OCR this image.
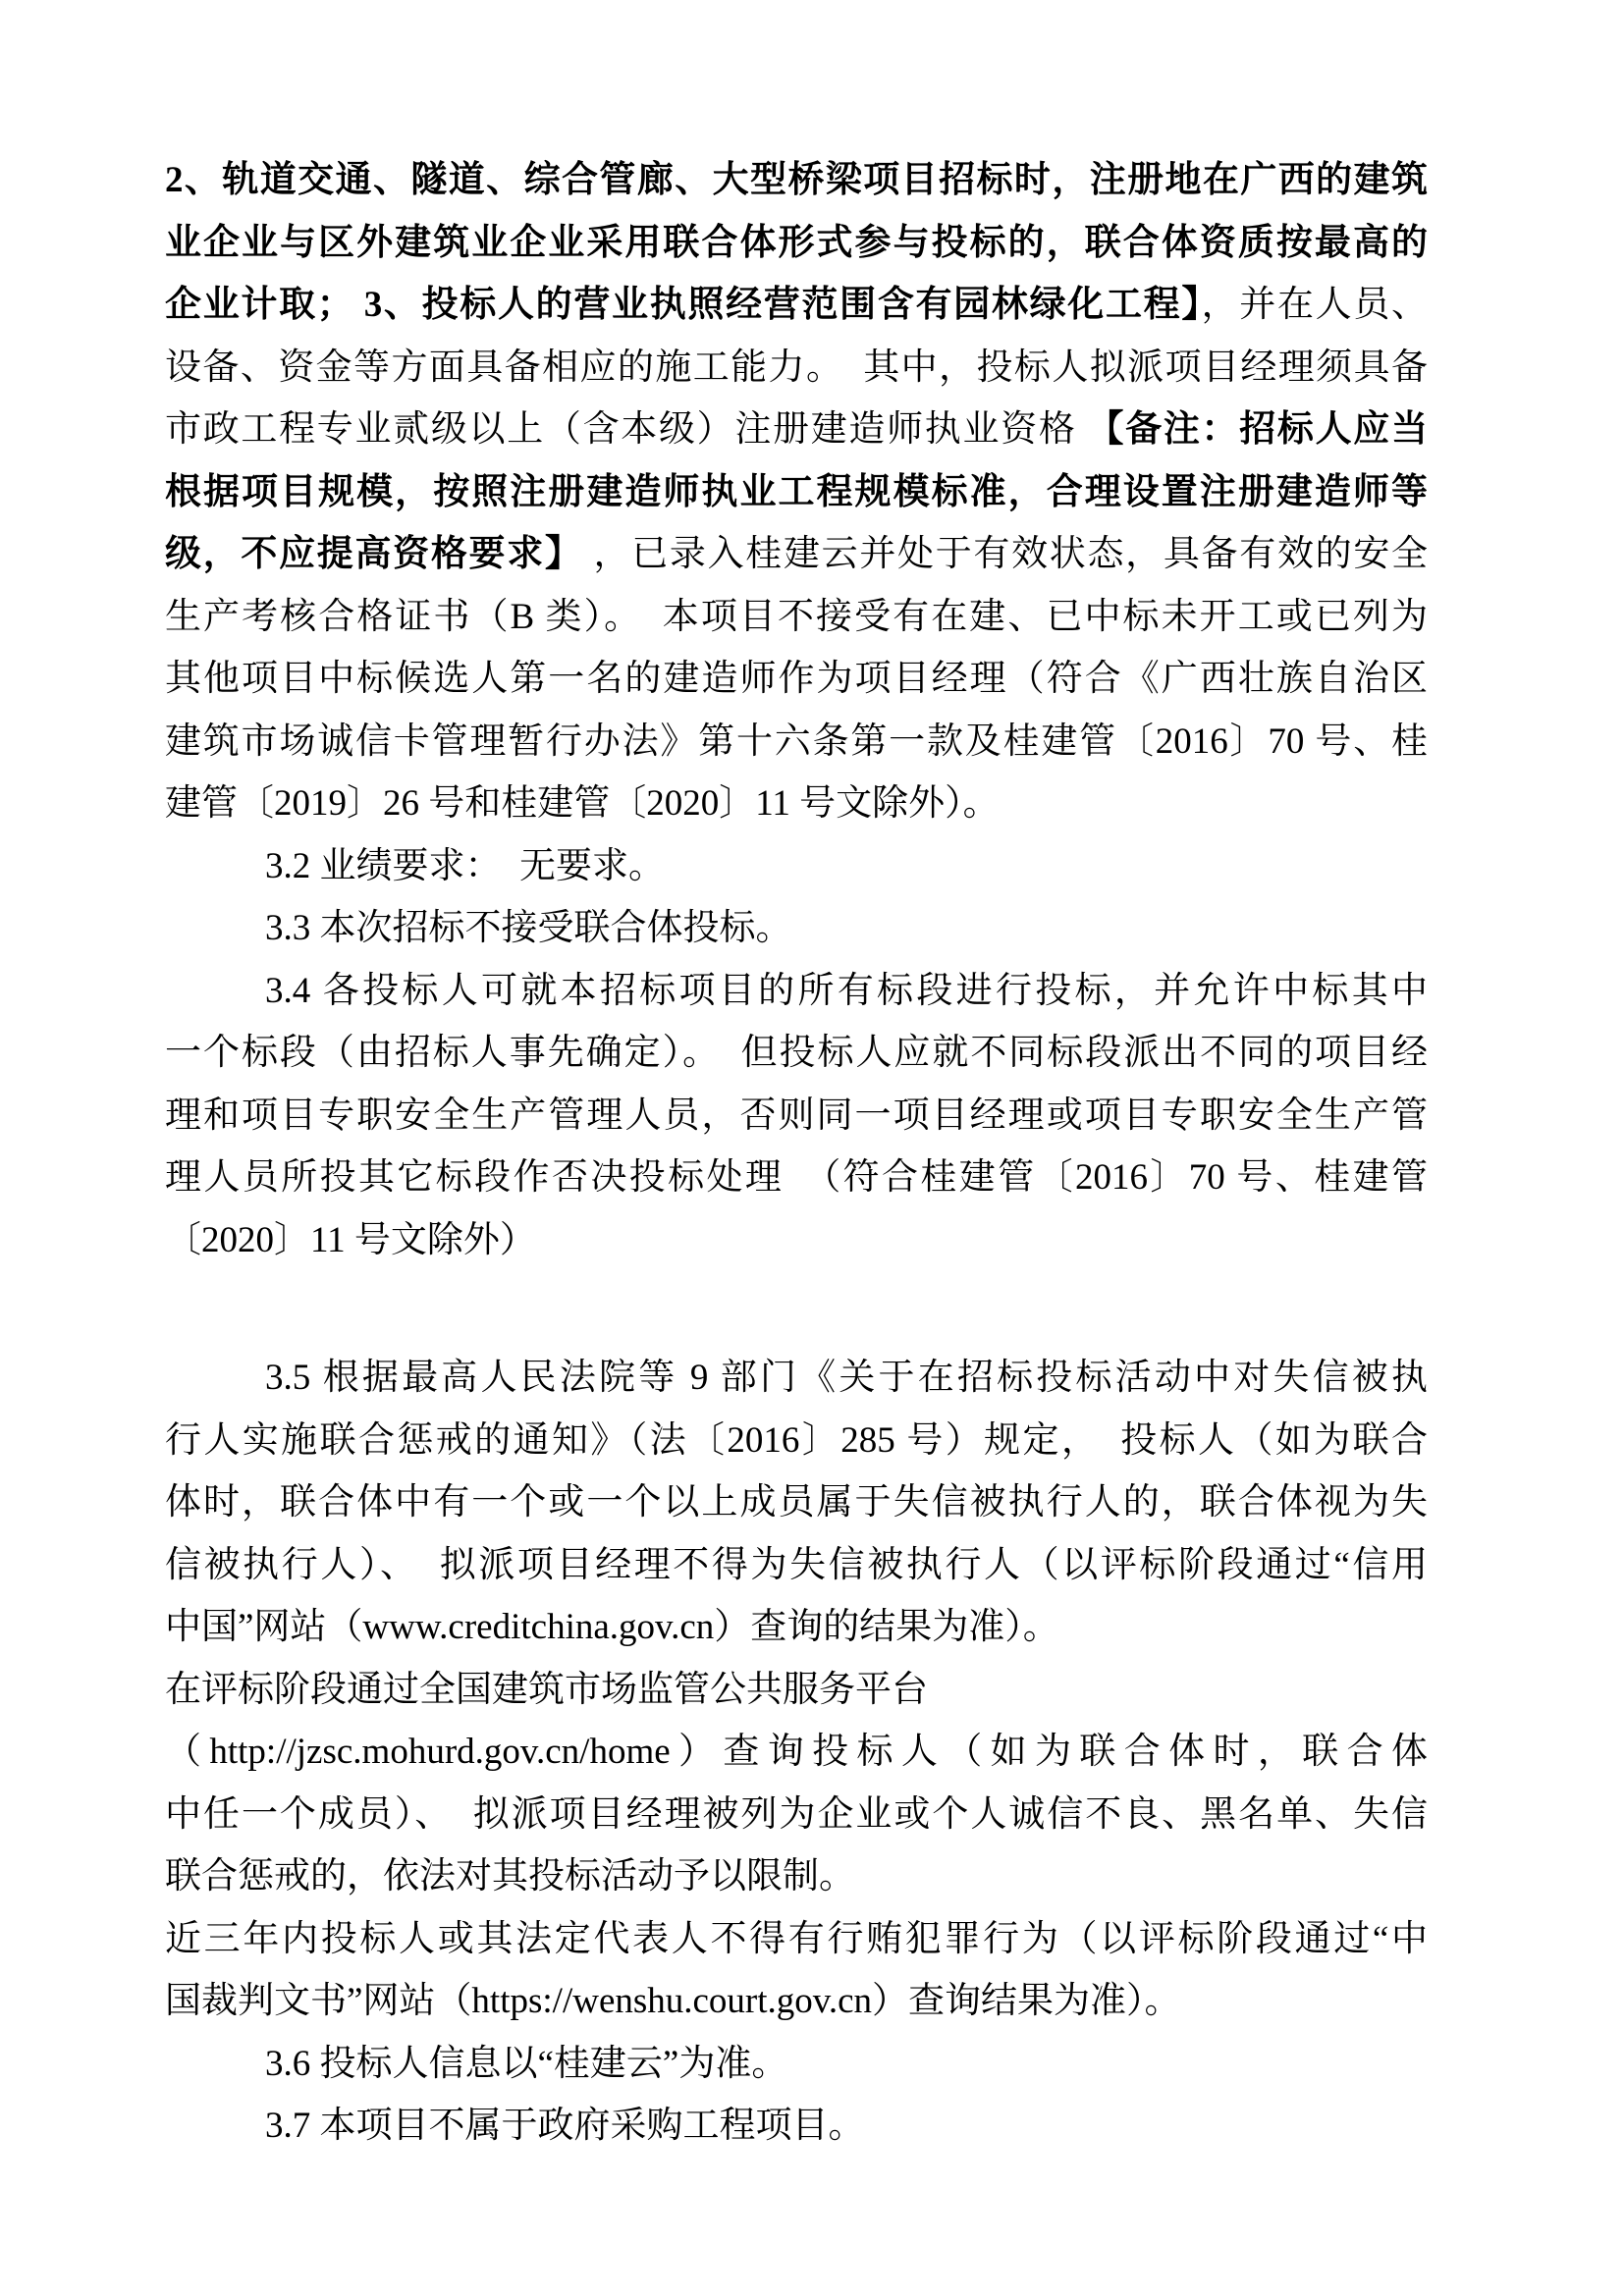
2、轨道交通、隧道、综合管廊、大型桥梁项目招标时，注册地在广西的建筑
业企业与区外建筑业企业采用联合体形式参与投标的，联合体资质按最高的
企业计取； 3、投标人的营业执照经营范围含有园林绿化工程】，并在人员、
设备、资金等方面具备相应的施工能力。　其中，投标人拟派项目经理须具备
市政工程专业贰级以上（含本级）注册建造师执业资格 【备注：招标人应当
根据项目规模，按照注册建造师执业工程规模标准，合理设置注册建造师等
级，不应提高资格要求】 ，已录入桂建云并处于有效状态，具备有效的安全
生产考核合格证书（B 类）。　本项目不接受有在建、已中标未开工或已列为
其他项目中标候选人第一名的建造师作为项目经理（符合《广西壮族自治区
建筑市场诚信卡管理暂行办法》第十六条第一款及桂建管〔2016〕70 号、桂
建管〔2019〕26 号和桂建管〔2020〕11 号文除外）。
3.2 业绩要求：　无要求。
3.3 本次招标不接受联合体投标。
3.4 各投标人可就本招标项目的所有标段进行投标，并允许中标其中
一个标段（由招标人事先确定）。　但投标人应就不同标段派出不同的项目经
理和项目专职安全生产管理人员，否则同一项目经理或项目专职安全生产管
理人员所投其它标段作否决投标处理　（符合桂建管〔2016〕70 号、桂建管
〔2020〕11 号文除外）
3.5 根据最高人民法院等 9 部门《关于在招标投标活动中对失信被执
行人实施联合惩戒的通知》（法〔2016〕285 号）规定，　投标人（如为联合
体时，联合体中有一个或一个以上成员属于失信被执行人的，联合体视为失
信被执行人）、　拟派项目经理不得为失信被执行人（以评标阶段通过“信用
中国”网站（www.creditchina.gov.cn）查询的结果为准）。
在评标阶段通过全国建筑市场监管公共服务平台
（http://jzsc.mohurd.gov.cn/home）查询投标人（如为联合体时，联合体
中任一个成员）、　拟派项目经理被列为企业或个人诚信不良、黑名单、失信
联合惩戒的，依法对其投标活动予以限制。
近三年内投标人或其法定代表人不得有行贿犯罪行为（以评标阶段通过“中
国裁判文书”网站（https://wenshu.court.gov.cn）查询结果为准）。
3.6 投标人信息以“桂建云”为准。
3.7 本项目不属于政府采购工程项目。
